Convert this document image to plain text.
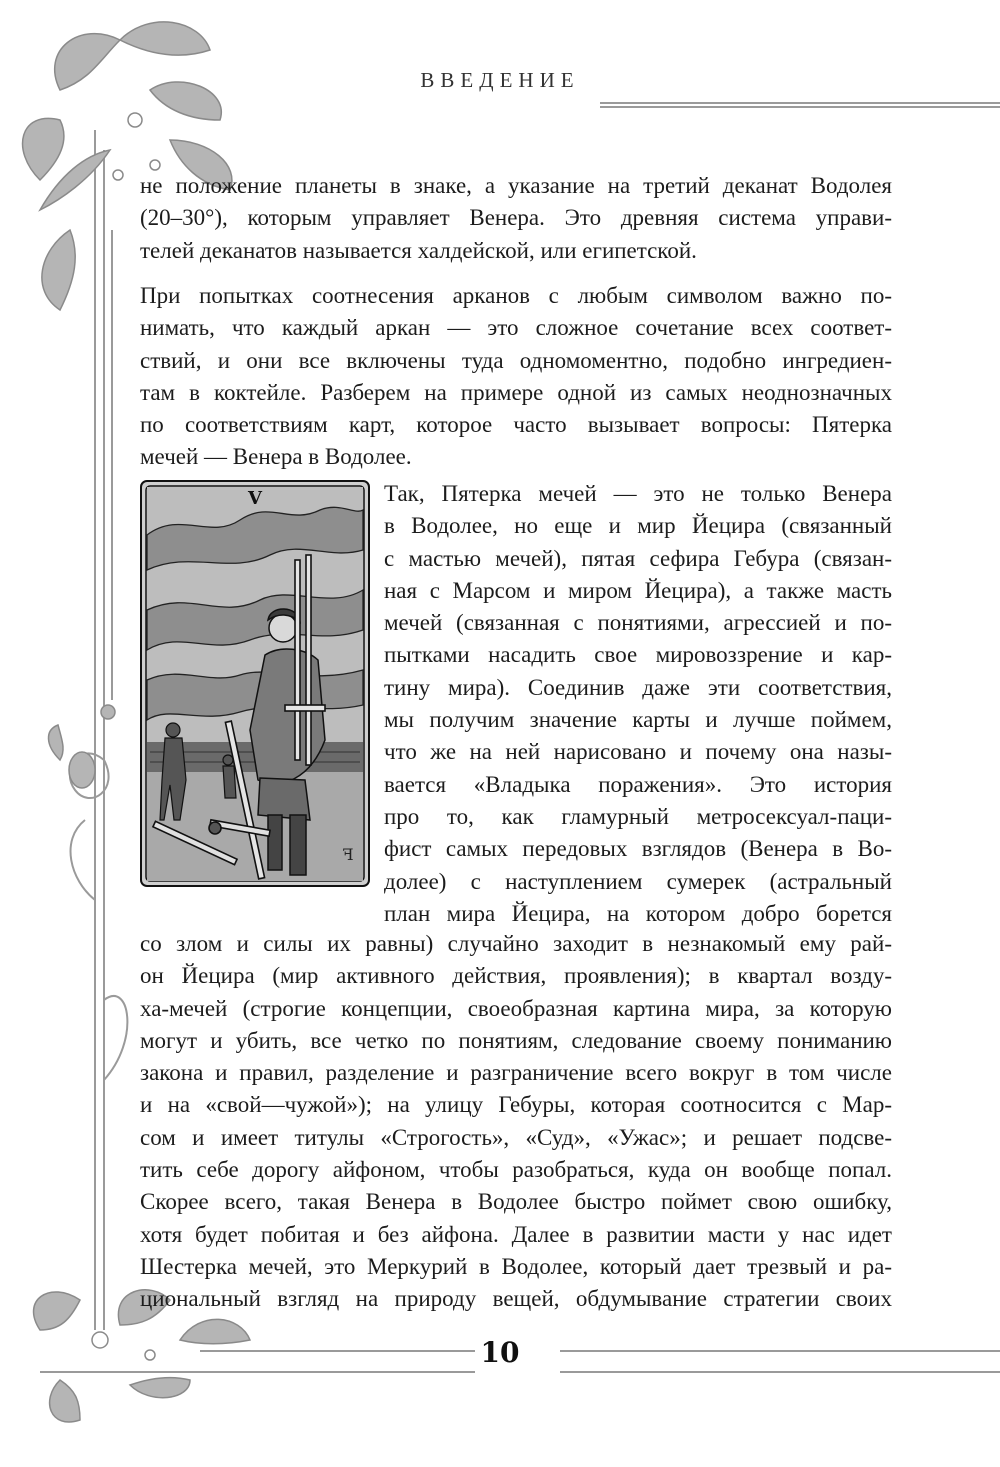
ВВЕДЕНИЕ

не положение планеты в знаке, а указание на третий деканат Водолея
(20–30°), которым управляет Венера. Это древняя система управи-
телей деканатов называется халдейской, или египетской.

При попытках соотнесения арканов с любым символом важно по-
нимать, что каждый аркан — это сложное сочетание всех соответ-
ствий, и они все включены туда одномоментно, подобно ингредиен-
там в коктейле. Разберем на примере одной из самых неоднозначных
по соответствиям карт, которое часто вызывает вопросы: Пятерка
мечей — Венера в Водолее.

V
ꟻ
Так, Пятерка мечей — это не только Венера
в Водолее, но еще и мир Йецира (связанный
с мастью мечей), пятая сефира Гебура (связан-
ная с Марсом и миром Йецира), а также масть
мечей (связанная с понятиями, агрессией и по-
пытками насадить свое мировоззрение и кар-
тину мира). Соединив даже эти соответствия,
мы получим значение карты и лучше поймем,
что же на ней нарисовано и почему она назы-
вается «Владыка поражения». Это история
про то, как гламурный метросексуал-паци-
фист самых передовых взглядов (Венера в Во-
долее) с наступлением сумерек (астральный
план мира Йецира, на котором добро борется
со злом и силы их равны) случайно заходит в незнакомый ему рай-
он Йецира (мир активного действия, проявления); в квартал возду-
ха-мечей (строгие концепции, своеобразная картина мира, за которую
могут и убить, все четко по понятиям, следование своему пониманию
закона и правил, разделение и разграничение всего вокруг в том числе
и на «свой—чужой»); на улицу Гебуры, которая соотносится с Мар-
сом и имеет титулы «Строгость», «Суд», «Ужас»; и решает подсве-
тить себе дорогу айфоном, чтобы разобраться, куда он вообще попал.
Скорее всего, такая Венера в Водолее быстро поймет свою ошибку,
хотя будет побитая и без айфона. Далее в развитии масти у нас идет
Шестерка мечей, это Меркурий в Водолее, который дает трезвый и ра-
циональный взгляд на природу вещей, обдумывание стратегии своих
10
